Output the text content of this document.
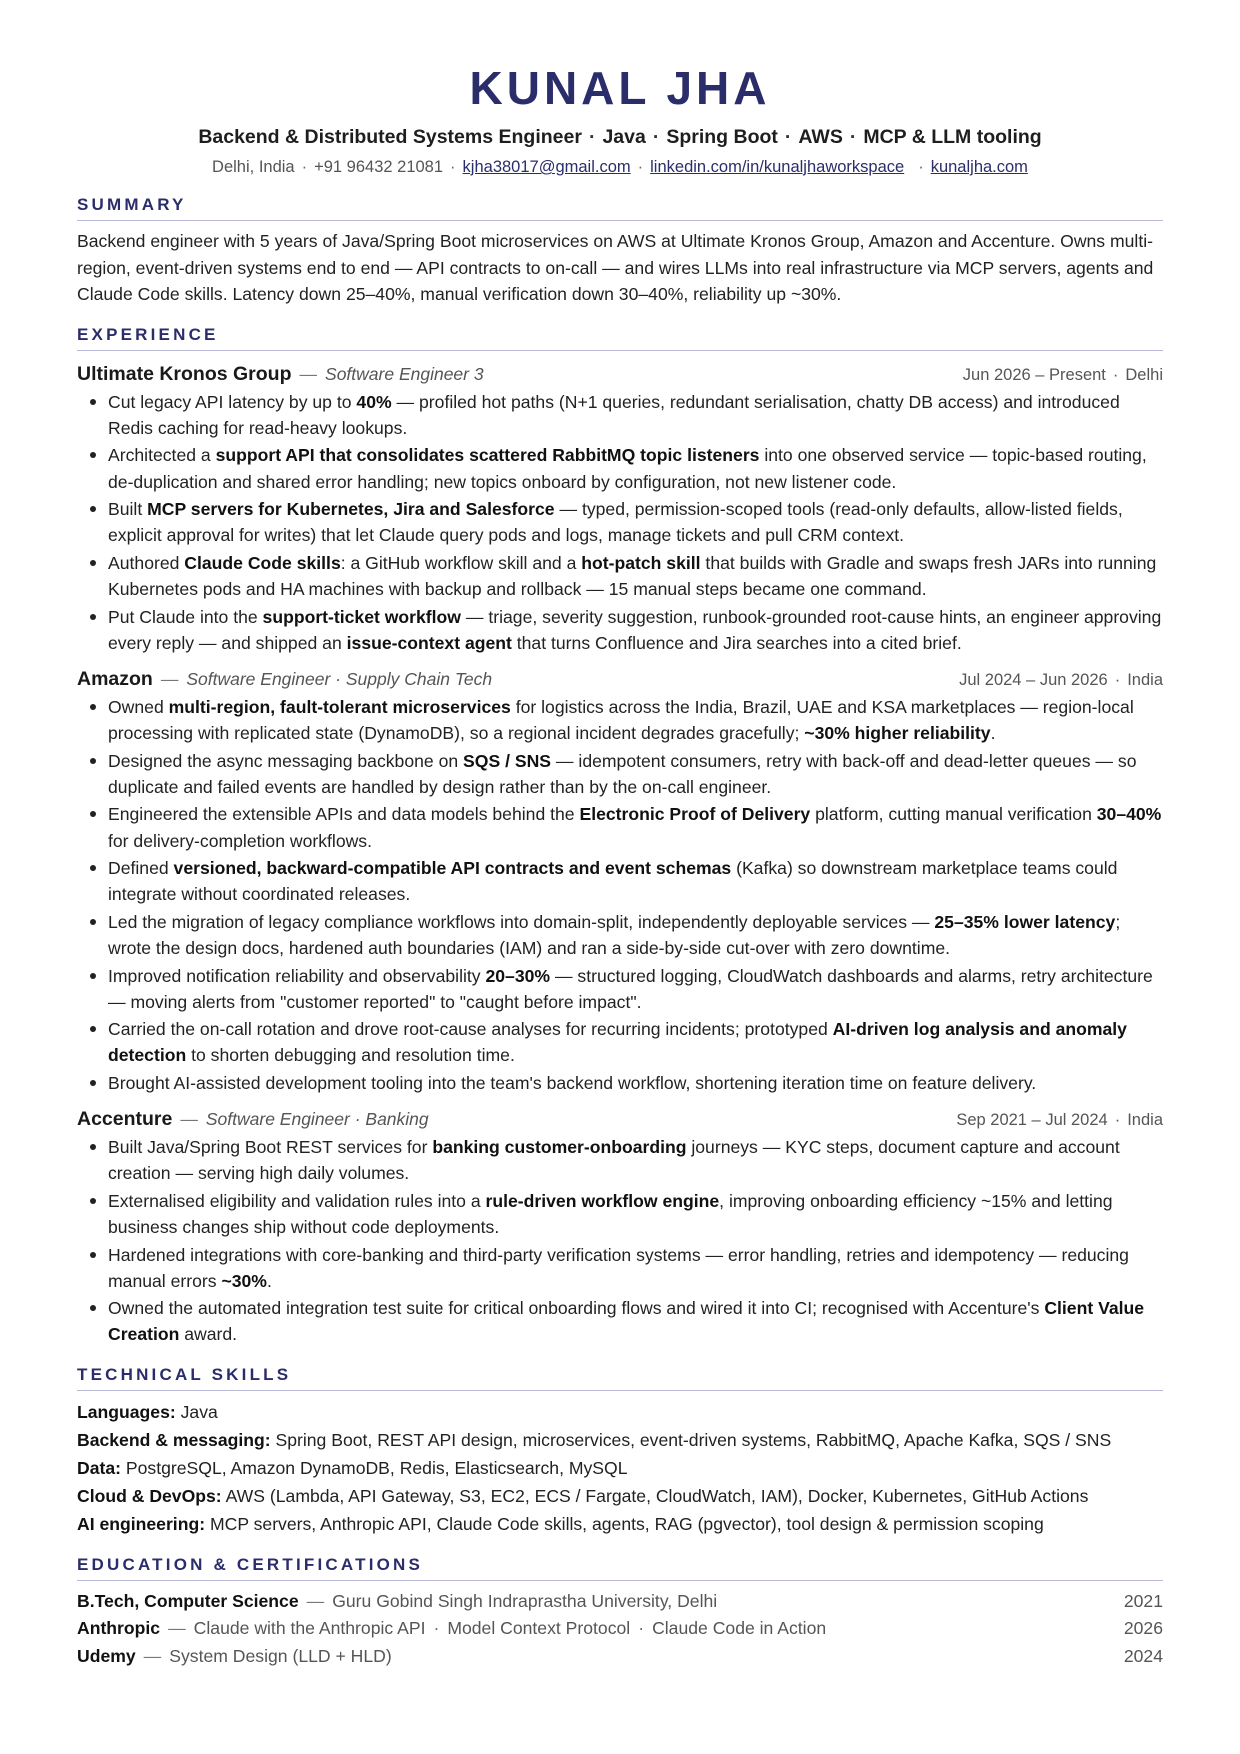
KUNAL JHA
Backend & Distributed Systems Engineer · Java · Spring Boot · AWS · MCP & LLM tooling
Delhi, India · +91 96432 21081 · kjha38017@gmail.com · linkedin.com/in/kunaljhaworkspace · kunaljha.com
SUMMARY
Backend engineer with 5 years of Java/Spring Boot microservices on AWS at Ultimate Kronos Group, Amazon and Accenture. Owns multi-region, event-driven systems end to end — API contracts to on-call — and wires LLMs into real infrastructure via MCP servers, agents and Claude Code skills. Latency down 25–40%, manual verification down 30–40%, reliability up ~30%.
EXPERIENCE
Ultimate Kronos Group — Software Engineer 3	Jun 2026 – Present · Delhi
Cut legacy API latency by up to 40% — profiled hot paths (N+1 queries, redundant serialisation, chatty DB access) and introduced Redis caching for read-heavy lookups.
Architected a support API that consolidates scattered RabbitMQ topic listeners into one observed service — topic-based routing, de-duplication and shared error handling; new topics onboard by configuration, not new listener code.
Built MCP servers for Kubernetes, Jira and Salesforce — typed, permission-scoped tools (read-only defaults, allow-listed fields, explicit approval for writes) that let Claude query pods and logs, manage tickets and pull CRM context.
Authored Claude Code skills: a GitHub workflow skill and a hot-patch skill that builds with Gradle and swaps fresh JARs into running Kubernetes pods and HA machines with backup and rollback — 15 manual steps became one command.
Put Claude into the support-ticket workflow — triage, severity suggestion, runbook-grounded root-cause hints, an engineer approving every reply — and shipped an issue-context agent that turns Confluence and Jira searches into a cited brief.
Amazon — Software Engineer · Supply Chain Tech	Jul 2024 – Jun 2026 · India
Owned multi-region, fault-tolerant microservices for logistics across the India, Brazil, UAE and KSA marketplaces — region-local processing with replicated state (DynamoDB), so a regional incident degrades gracefully; ~30% higher reliability.
Designed the async messaging backbone on SQS / SNS — idempotent consumers, retry with back-off and dead-letter queues — so duplicate and failed events are handled by design rather than by the on-call engineer.
Engineered the extensible APIs and data models behind the Electronic Proof of Delivery platform, cutting manual verification 30–40% for delivery-completion workflows.
Defined versioned, backward-compatible API contracts and event schemas (Kafka) so downstream marketplace teams could integrate without coordinated releases.
Led the migration of legacy compliance workflows into domain-split, independently deployable services — 25–35% lower latency; wrote the design docs, hardened auth boundaries (IAM) and ran a side-by-side cut-over with zero downtime.
Improved notification reliability and observability 20–30% — structured logging, CloudWatch dashboards and alarms, retry architecture — moving alerts from "customer reported" to "caught before impact".
Carried the on-call rotation and drove root-cause analyses for recurring incidents; prototyped AI-driven log analysis and anomaly detection to shorten debugging and resolution time.
Brought AI-assisted development tooling into the team's backend workflow, shortening iteration time on feature delivery.
Accenture — Software Engineer · Banking	Sep 2021 – Jul 2024 · India
Built Java/Spring Boot REST services for banking customer-onboarding journeys — KYC steps, document capture and account creation — serving high daily volumes.
Externalised eligibility and validation rules into a rule-driven workflow engine, improving onboarding efficiency ~15% and letting business changes ship without code deployments.
Hardened integrations with core-banking and third-party verification systems — error handling, retries and idempotency — reducing manual errors ~30%.
Owned the automated integration test suite for critical onboarding flows and wired it into CI; recognised with Accenture's Client Value Creation award.
TECHNICAL SKILLS
Languages: Java
Backend & messaging: Spring Boot, REST API design, microservices, event-driven systems, RabbitMQ, Apache Kafka, SQS / SNS
Data: PostgreSQL, Amazon DynamoDB, Redis, Elasticsearch, MySQL
Cloud & DevOps: AWS (Lambda, API Gateway, S3, EC2, ECS / Fargate, CloudWatch, IAM), Docker, Kubernetes, GitHub Actions
AI engineering: MCP servers, Anthropic API, Claude Code skills, agents, RAG (pgvector), tool design & permission scoping
EDUCATION & CERTIFICATIONS
B.Tech, Computer Science — Guru Gobind Singh Indraprastha University, Delhi	2021
Anthropic — Claude with the Anthropic API · Model Context Protocol · Claude Code in Action	2026
Udemy — System Design (LLD + HLD)	2024
